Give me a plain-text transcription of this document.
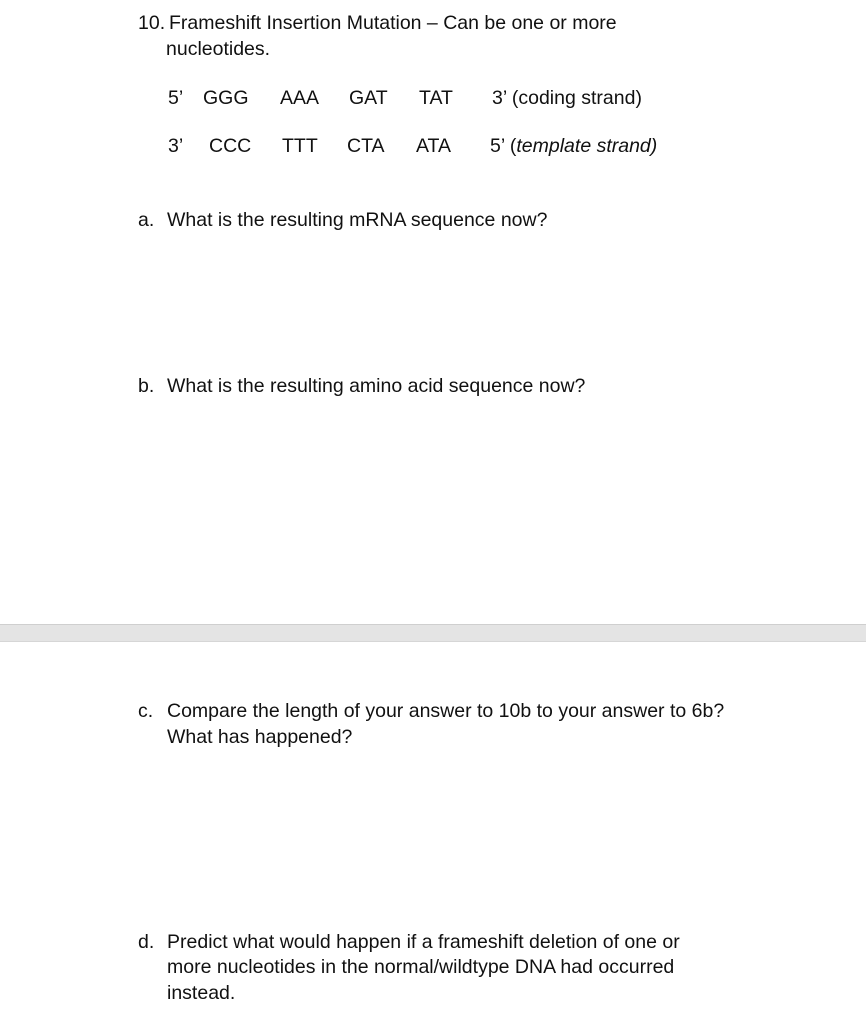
10. Frameshift Insertion Mutation – Can be one or more
nucleotides.
5’ GGG AAA GAT TAT 3’ (coding strand)
3’ CCC TTT CTA ATA 5’ (template strand)
a. What is the resulting mRNA sequence now?
b. What is the resulting amino acid sequence now?
c. Compare the length of your answer to 10b to your answer to 6b?
What has happened?
d. Predict what would happen if a frameshift deletion of one or
more nucleotides in the normal/wildtype DNA had occurred
instead.
